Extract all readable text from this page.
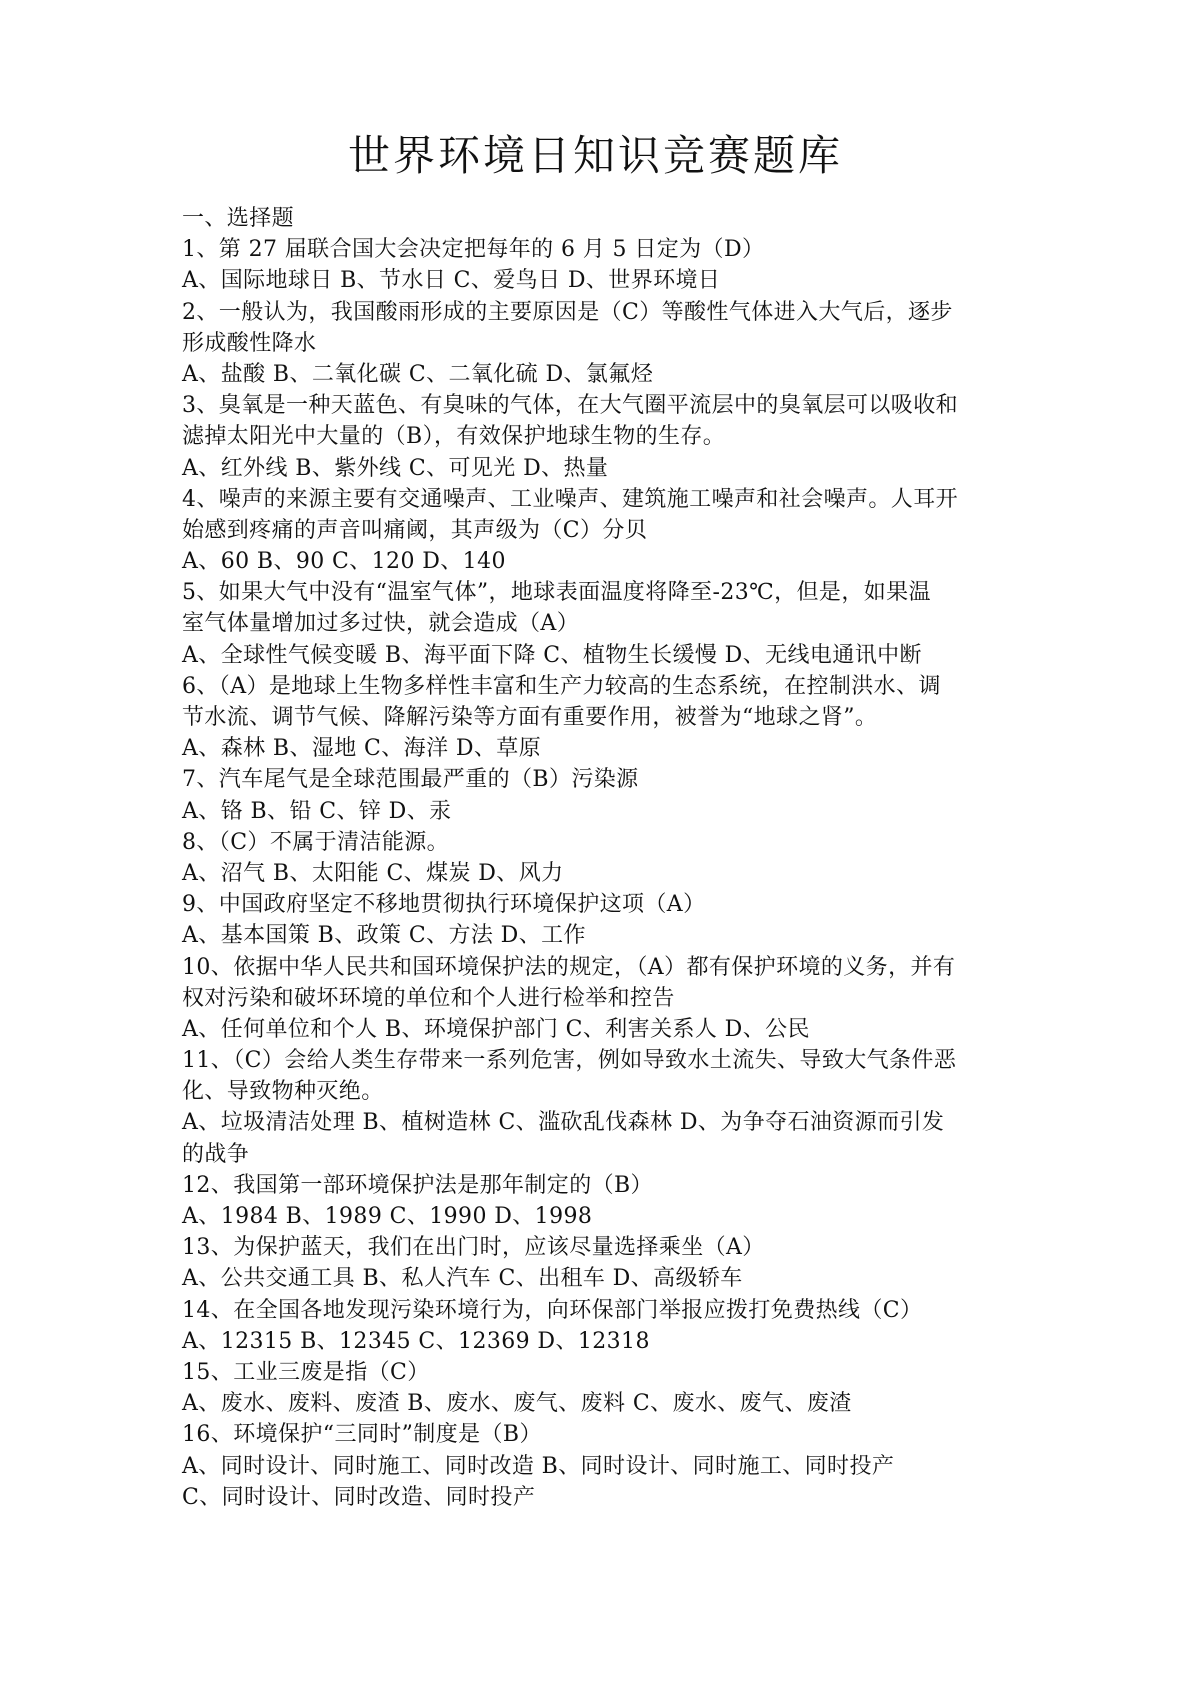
世界环境日知识竞赛题库
一、选择题
1、第 27 届联合国大会决定把每年的 6 月 5 日定为（D）
A、国际地球日 B、节水日 C、爱鸟日 D、世界环境日
2、一般认为，我国酸雨形成的主要原因是（C）等酸性气体进入大气后，逐步
形成酸性降水
A、盐酸 B、二氧化碳 C、二氧化硫 D、氯氟烃
3、臭氧是一种天蓝色、有臭味的气体，在大气圈平流层中的臭氧层可以吸收和
滤掉太阳光中大量的（B），有效保护地球生物的生存。
A、红外线 B、紫外线 C、可见光 D、热量
4、噪声的来源主要有交通噪声、工业噪声、建筑施工噪声和社会噪声。人耳开
始感到疼痛的声音叫痛阈，其声级为（C）分贝
A、60 B、90 C、120 D、140
5、如果大气中没有“温室气体”，地球表面温度将降至-23℃，但是，如果温
室气体量增加过多过快，就会造成（A）
A、全球性气候变暖 B、海平面下降 C、植物生长缓慢 D、无线电通讯中断
6、（A）是地球上生物多样性丰富和生产力较高的生态系统，在控制洪水、调
节水流、调节气候、降解污染等方面有重要作用，被誉为“地球之肾”。
A、森林 B、湿地 C、海洋 D、草原
7、汽车尾气是全球范围最严重的（B）污染源
A、铬 B、铅 C、锌 D、汞
8、（C）不属于清洁能源。
A、沼气 B、太阳能 C、煤炭 D、风力
9、中国政府坚定不移地贯彻执行环境保护这项（A）
A、基本国策 B、政策 C、方法 D、工作
10、依据中华人民共和国环境保护法的规定，（A）都有保护环境的义务，并有
权对污染和破坏环境的单位和个人进行检举和控告
A、任何单位和个人 B、环境保护部门 C、利害关系人 D、公民
11、（C）会给人类生存带来一系列危害，例如导致水土流失、导致大气条件恶
化、导致物种灭绝。
A、垃圾清洁处理 B、植树造林 C、滥砍乱伐森林 D、为争夺石油资源而引发
的战争
12、我国第一部环境保护法是那年制定的（B）
A、1984 B、1989 C、1990 D、1998
13、为保护蓝天，我们在出门时，应该尽量选择乘坐（A）
A、公共交通工具 B、私人汽车 C、出租车 D、高级轿车
14、在全国各地发现污染环境行为，向环保部门举报应拨打免费热线（C）
A、12315 B、12345 C、12369 D、12318
15、工业三废是指（C）
A、废水、废料、废渣 B、废水、废气、废料 C、废水、废气、废渣
16、环境保护“三同时”制度是（B）
A、同时设计、同时施工、同时改造 B、同时设计、同时施工、同时投产
C、同时设计、同时改造、同时投产
